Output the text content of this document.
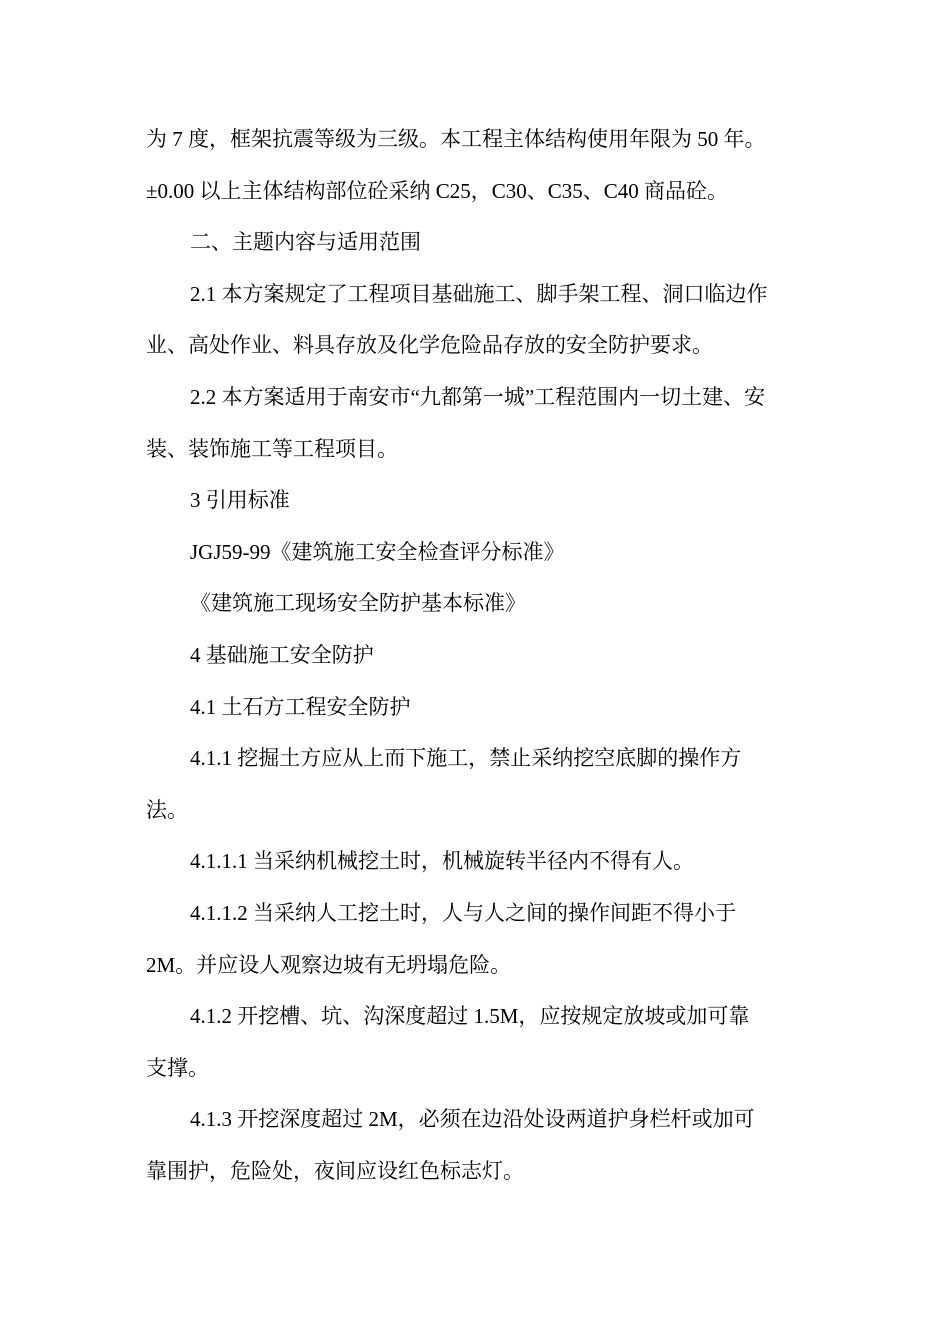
为 7 度，框架抗震等级为三级。本工程主体结构使用年限为 50 年。
±0.00 以上主体结构部位砼采纳 C25，C30、C35、C40 商品砼。
二、主题内容与适用范围
2.1 本方案规定了工程项目基础施工、脚手架工程、洞口临边作
业、高处作业、料具存放及化学危险品存放的安全防护要求。
2.2 本方案适用于南安市“九都第一城”工程范围内一切土建、安
装、装饰施工等工程项目。
3 引用标准
JGJ59-99《建筑施工安全检查评分标准》
《建筑施工现场安全防护基本标准》
4 基础施工安全防护
4.1 土石方工程安全防护
4.1.1 挖掘土方应从上而下施工，禁止采纳挖空底脚的操作方
法。
4.1.1.1 当采纳机械挖土时，机械旋转半径内不得有人。
4.1.1.2 当采纳人工挖土时，人与人之间的操作间距不得小于
2M。并应设人观察边坡有无坍塌危险。
4.1.2 开挖槽、坑、沟深度超过 1.5M，应按规定放坡或加可靠
支撑。
4.1.3 开挖深度超过 2M，必须在边沿处设两道护身栏杆或加可
靠围护，危险处，夜间应设红色标志灯。
